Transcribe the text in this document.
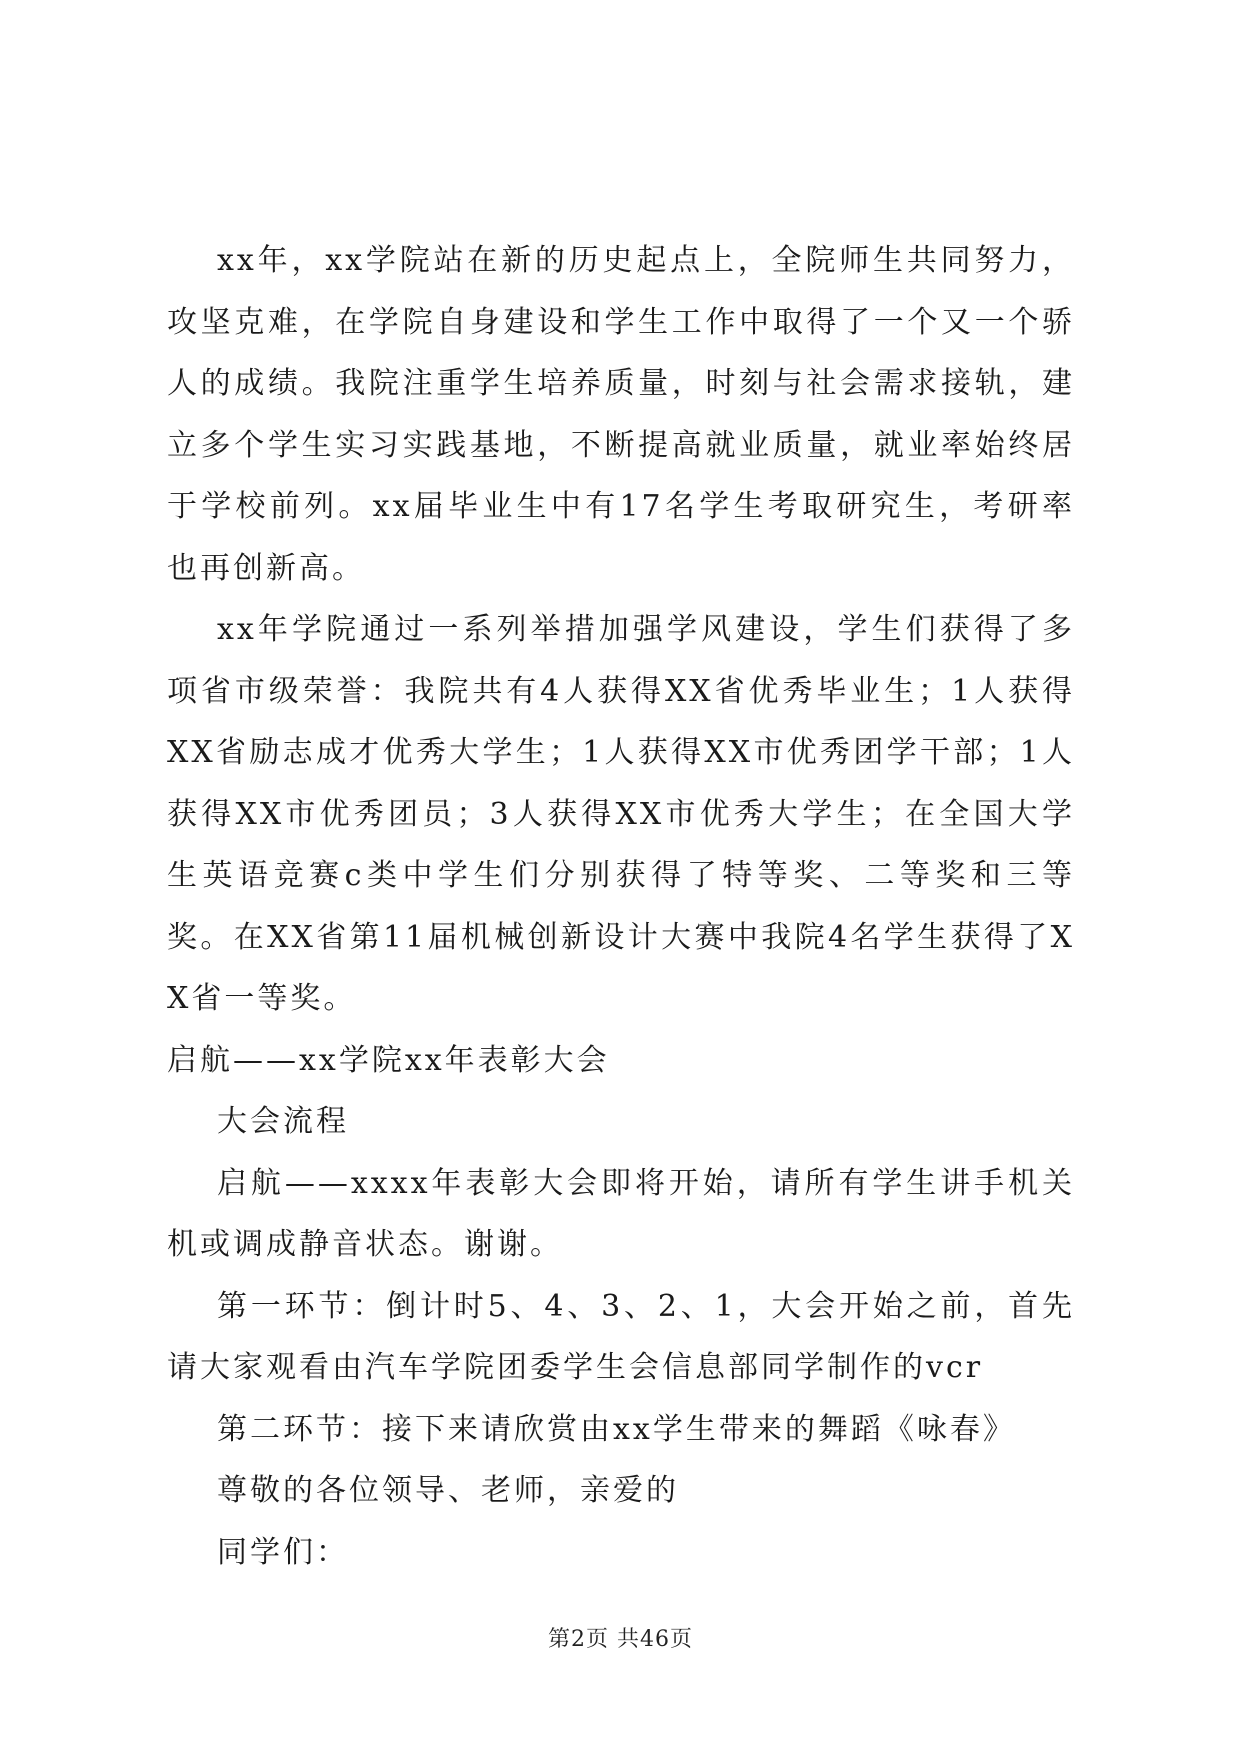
xx年，xx学院站在新的历史起点上，全院师生共同努力，攻坚克难，在学院自身建设和学生工作中取得了一个又一个骄人的成绩。我院注重学生培养质量，时刻与社会需求接轨，建立多个学生实习实践基地，不断提高就业质量，就业率始终居于学校前列。xx届毕业生中有17名学生考取研究生，考研率也再创新高。

xx年学院通过一系列举措加强学风建设，学生们获得了多项省市级荣誉：我院共有4人获得XX省优秀毕业生；1人获得XX省励志成才优秀大学生；1人获得XX市优秀团学干部；1人获得XX市优秀团员；3人获得XX市优秀大学生；在全国大学生英语竞赛c类中学生们分别获得了特等奖、二等奖和三等奖。在XX省第11届机械创新设计大赛中我院4名学生获得了XX省一等奖。

启航——xx学院xx年表彰大会

大会流程

启航——xxxx年表彰大会即将开始，请所有学生讲手机关机或调成静音状态。谢谢。

第一环节：倒计时5、4、3、2、1，大会开始之前，首先请大家观看由汽车学院团委学生会信息部同学制作的vcr

第二环节：接下来请欣赏由xx学生带来的舞蹈《咏春》

尊敬的各位领导、老师，亲爱的

同学们：

第2页 共46页
